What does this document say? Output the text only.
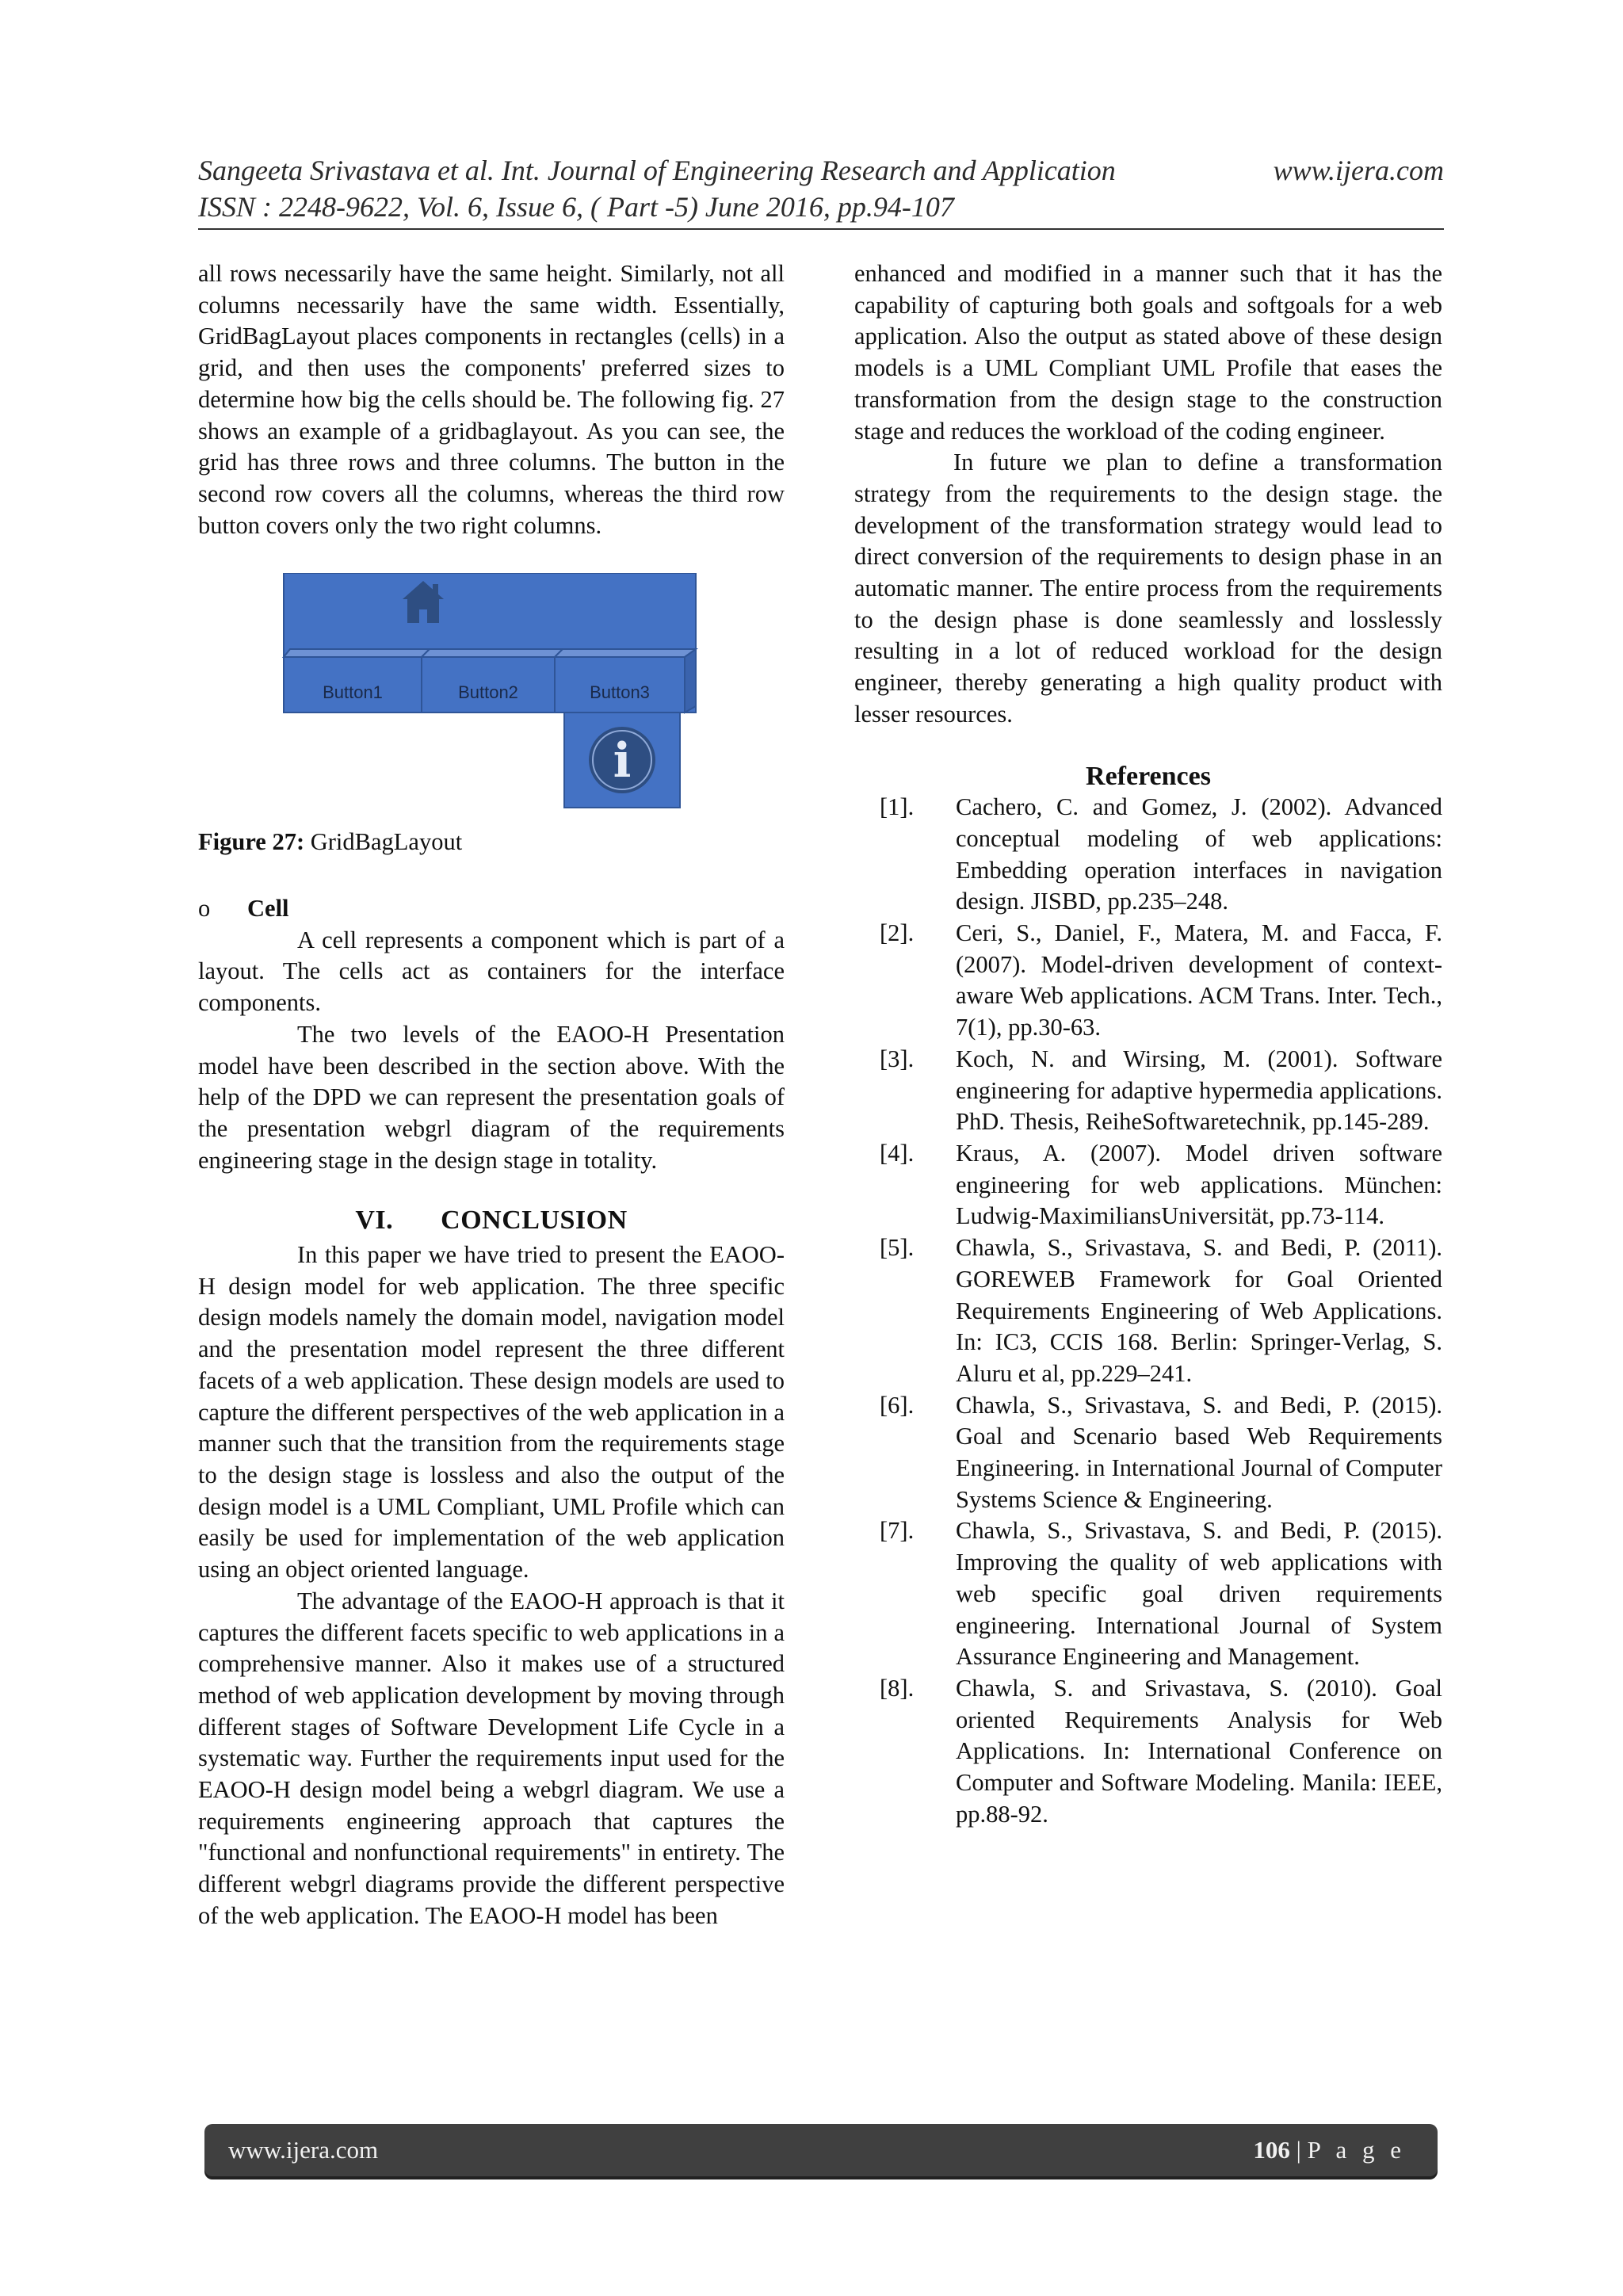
Sangeeta Srivastava et al. Int. Journal of Engineering Research and Application	www.ijera.com
ISSN : 2248-9622, Vol. 6, Issue 6, ( Part -5) June 2016, pp.94-107

all rows necessarily have the same height. Similarly, not all columns necessarily have the same width. Essentially, GridBagLayout places components in rectangles (cells) in a grid, and then uses the components' preferred sizes to determine how big the cells should be. The following fig. 27 shows an example of a gridbaglayout. As you can see, the grid has three rows and three columns. The button in the second row covers all the columns, whereas the third row button covers only the two right columns.

Button1	Button2	Button3
i

Figure 27: GridBagLayout

o	Cell

A cell represents a component which is part of a layout. The cells act as containers for the interface components.

The two levels of the EAOO-H Presentation model have been described in the section above. With the help of the DPD we can represent the presentation goals of the presentation webgrl diagram of the requirements engineering stage in the design stage in totality.

VI. CONCLUSION

In this paper we have tried to present the EAOO-H design model for web application. The three specific design models namely the domain model, navigation model and the presentation model represent the three different facets of a web application. These design models are used to capture the different perspectives of the web application in a manner such that the transition from the requirements stage to the design stage is lossless and also the output of the design model is a UML Compliant, UML Profile which can easily be used for implementation of the web application using an object oriented language.

The advantage of the EAOO-H approach is that it captures the different facets specific to web applications in a comprehensive manner. Also it makes use of a structured method of web application development by moving through different stages of Software Development Life Cycle in a systematic way. Further the requirements input used for the EAOO-H design model being a webgrl diagram. We use a requirements engineering approach that captures the "functional and nonfunctional requirements" in entirety. The different webgrl diagrams provide the different perspective of the web application. The EAOO-H model has been

enhanced and modified in a manner such that it has the capability of capturing both goals and softgoals for a web application. Also the output as stated above of these design models is a UML Compliant UML Profile that eases the transformation from the design stage to the construction stage and reduces the workload of the coding engineer.

In future we plan to define a transformation strategy from the requirements to the design stage. the development of the transformation strategy would lead to direct conversion of the requirements to design phase in an automatic manner. The entire process from the requirements to the design phase is done seamlessly and losslessly resulting in a lot of reduced workload for the design engineer, thereby generating a high quality product with lesser resources.

References
[1].	Cachero, C. and Gomez, J. (2002). Advanced conceptual modeling of web applications: Embedding operation interfaces in navigation design. JISBD, pp.235–248.
[2].	Ceri, S., Daniel, F., Matera, M. and Facca, F. (2007). Model-driven development of context-aware Web applications. ACM Trans. Inter. Tech., 7(1), pp.30-63.
[3].	Koch, N. and Wirsing, M. (2001). Software engineering for adaptive hypermedia applications. PhD. Thesis, ReiheSoftwaretechnik, pp.145-289.
[4].	Kraus, A. (2007). Model driven software engineering for web applications. München: Ludwig-MaximiliansUniversität, pp.73-114.
[5].	Chawla, S., Srivastava, S. and Bedi, P. (2011). GOREWEB Framework for Goal Oriented Requirements Engineering of Web Applications. In: IC3, CCIS 168. Berlin: Springer-Verlag, S. Aluru et al, pp.229–241.
[6].	Chawla, S., Srivastava, S. and Bedi, P. (2015). Goal and Scenario based Web Requirements Engineering. in International Journal of Computer Systems Science & Engineering.
[7].	Chawla, S., Srivastava, S. and Bedi, P. (2015). Improving the quality of web applications with web specific goal driven requirements engineering. International Journal of System Assurance Engineering and Management.
[8].	Chawla, S. and Srivastava, S. (2010). Goal oriented Requirements Analysis for Web Applications. In: International Conference on Computer and Software Modeling. Manila: IEEE, pp.88-92.
www.ijera.com	106 | P a g e
